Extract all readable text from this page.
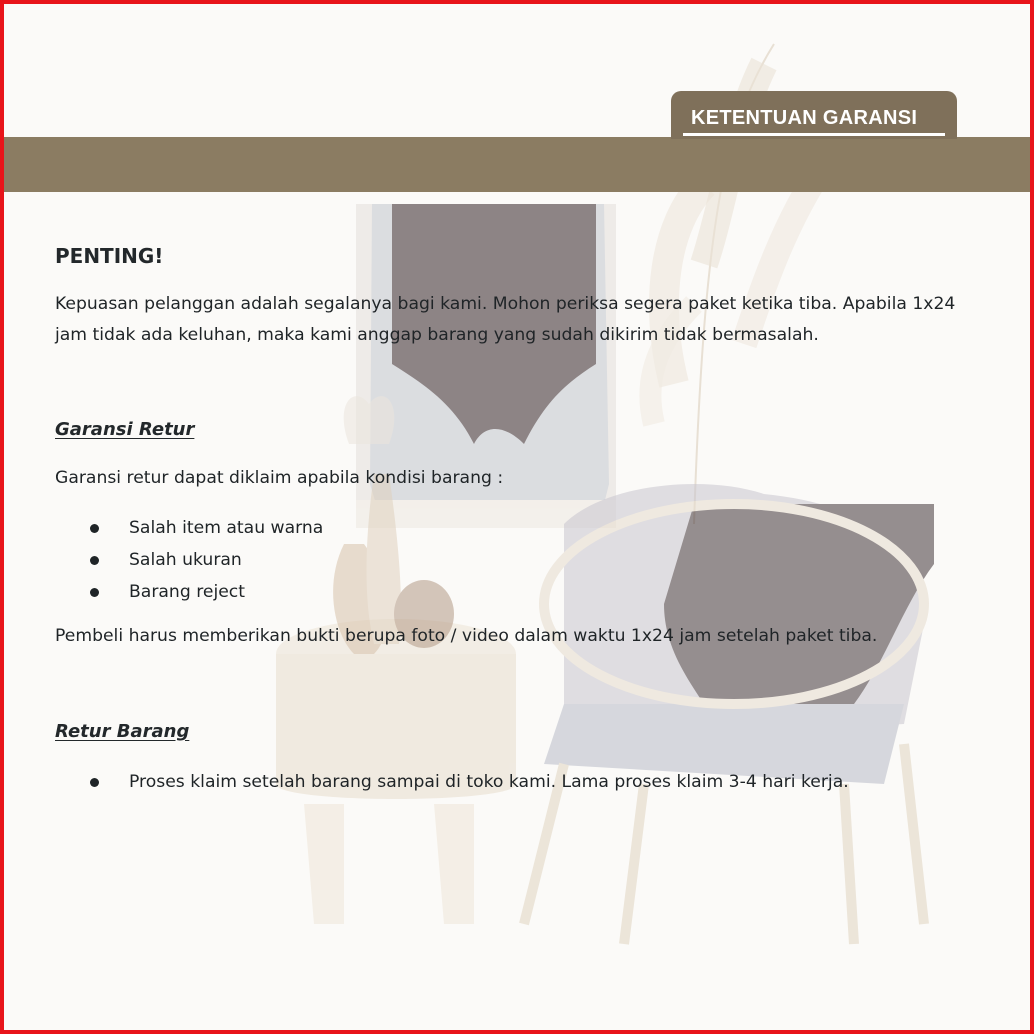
KETENTUAN GARANSI
PENTING!
Kepuasan pelanggan adalah segalanya bagi kami. Mohon periksa segera paket ketika tiba. Apabila 1x24 jam tidak ada keluhan, maka kami anggap barang yang sudah dikirim tidak bermasalah.
Garansi Retur
Garansi retur dapat diklaim apabila kondisi barang :
Salah item atau warna
Salah ukuran
Barang reject
Pembeli harus memberikan bukti berupa foto / video dalam waktu 1x24 jam setelah paket tiba.
Retur Barang
Proses klaim setelah barang sampai di toko kami. Lama proses klaim 3-4 hari kerja.
